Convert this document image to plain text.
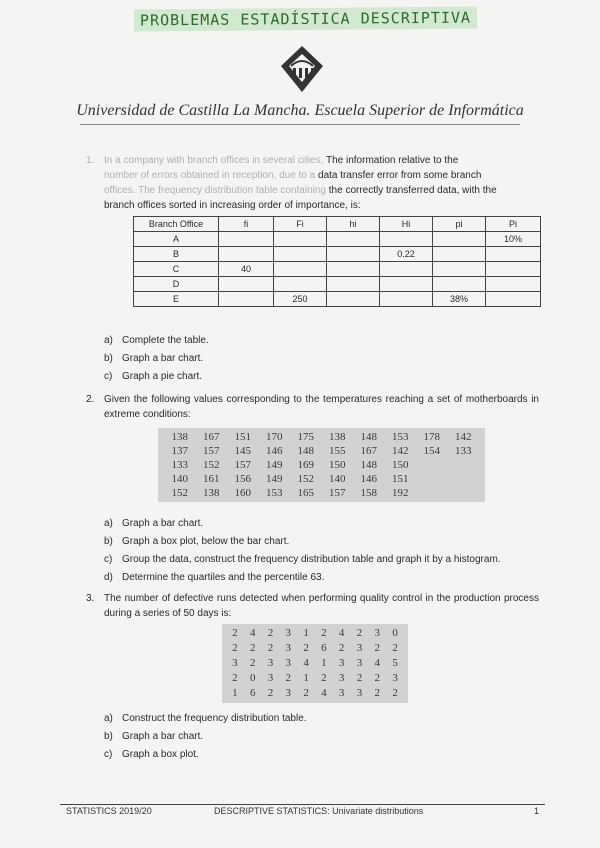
PROBLEMAS ESTADÍSTICA DESCRIPTIVA
Universidad de Castilla La Mancha. Escuela Superior de Informática
1. In a company with branch offices in several cities, The information relative to the
number of errors obtained in reception, due to a data transfer error from some branch
offices. The frequency distribution table containing the correctly transferred data, with the
branch offices sorted in increasing order of importance, is:
Branch Office	fi	Fi	hi	Hi	pi	Pi
A						10%
B				0.22		
C	40					
D						
E		250			38%	
a) Complete the table.
b) Graph a bar chart.
c) Graph a pie chart.
2. Given the following values corresponding to the temperatures reaching a set of motherboards in extreme conditions:
138	167	151	170	175	138	148	153	178	142
137	157	145	146	148	155	167	142	154	133
133	152	157	149	169	150	148	150
140	161	156	149	152	140	146	151
152	138	160	153	165	157	158	192
a) Graph a bar chart.
b) Graph a box plot, below the bar chart.
c) Group the data, construct the frequency distribution table and graph it by a histogram.
d) Determine the quartiles and the percentile 63.
3. The number of defective runs detected when performing quality control in the production process during a series of 50 days is:
2	4	2	3	1	2	4	2	3	0
2	2	2	3	2	6	2	3	2	2
3	2	3	3	4	1	3	3	4	5
2	0	3	2	1	2	3	2	2	3
1	6	2	3	2	4	3	3	2	2
a) Construct the frequency distribution table.
b) Graph a bar chart.
c) Graph a box plot.
STATISTICS 2019/20	DESCRIPTIVE STATISTICS: Univariate distributions	1
